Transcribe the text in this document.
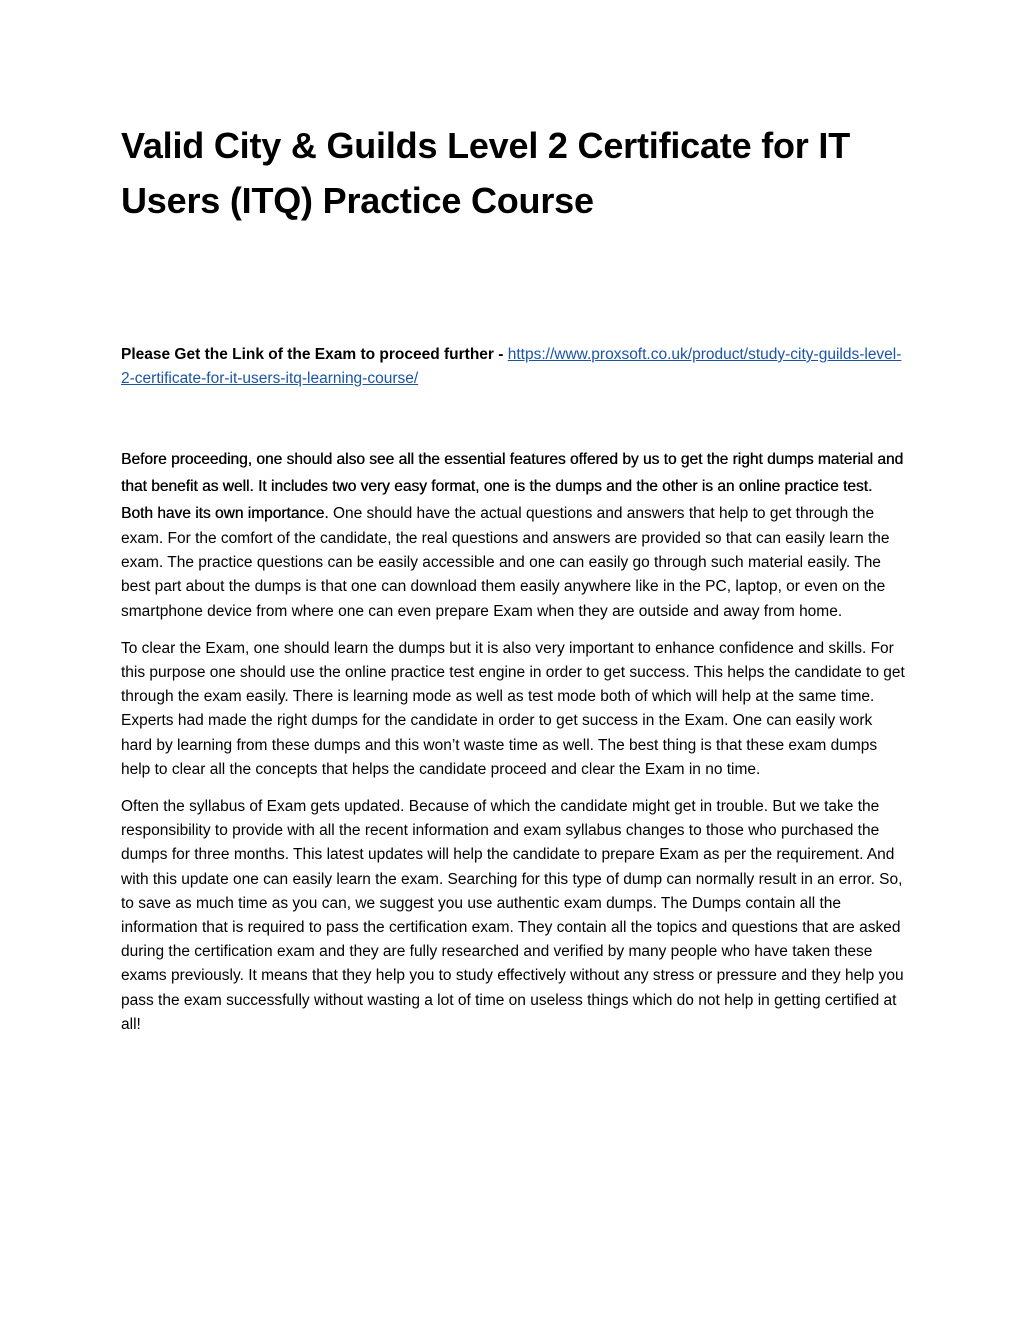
Valid City & Guilds Level 2 Certificate for IT Users (ITQ) Practice Course

Please Get the Link of the Exam to proceed further - https://www.proxsoft.co.uk/product/study-city-guilds-level-2-certificate-for-it-users-itq-learning-course/

Before proceeding, one should also see all the essential features offered by us to get the right dumps material and that benefit as well. It includes two very easy format, one is the dumps and the other is an online practice test. Both have its own importance. One should have the actual questions and answers that help to get through the exam. For the comfort of the candidate, the real questions and answers are provided so that can easily learn the exam. The practice questions can be easily accessible and one can easily go through such material easily. The best part about the dumps is that one can download them easily anywhere like in the PC, laptop, or even on the smartphone device from where one can even prepare Exam when they are outside and away from home.

To clear the Exam, one should learn the dumps but it is also very important to enhance confidence and skills. For this purpose one should use the online practice test engine in order to get success. This helps the candidate to get through the exam easily. There is learning mode as well as test mode both of which will help at the same time. Experts had made the right dumps for the candidate in order to get success in the Exam. One can easily work hard by learning from these dumps and this won’t waste time as well. The best thing is that these exam dumps help to clear all the concepts that helps the candidate proceed and clear the Exam in no time.

Often the syllabus of Exam gets updated. Because of which the candidate might get in trouble. But we take the responsibility to provide with all the recent information and exam syllabus changes to those who purchased the dumps for three months. This latest updates will help the candidate to prepare Exam as per the requirement. And with this update one can easily learn the exam. Searching for this type of dump can normally result in an error. So, to save as much time as you can, we suggest you use authentic exam dumps. The Dumps contain all the information that is required to pass the certification exam. They contain all the topics and questions that are asked during the certification exam and they are fully researched and verified by many people who have taken these exams previously. It means that they help you to study effectively without any stress or pressure and they help you pass the exam successfully without wasting a lot of time on useless things which do not help in getting certified at all!
